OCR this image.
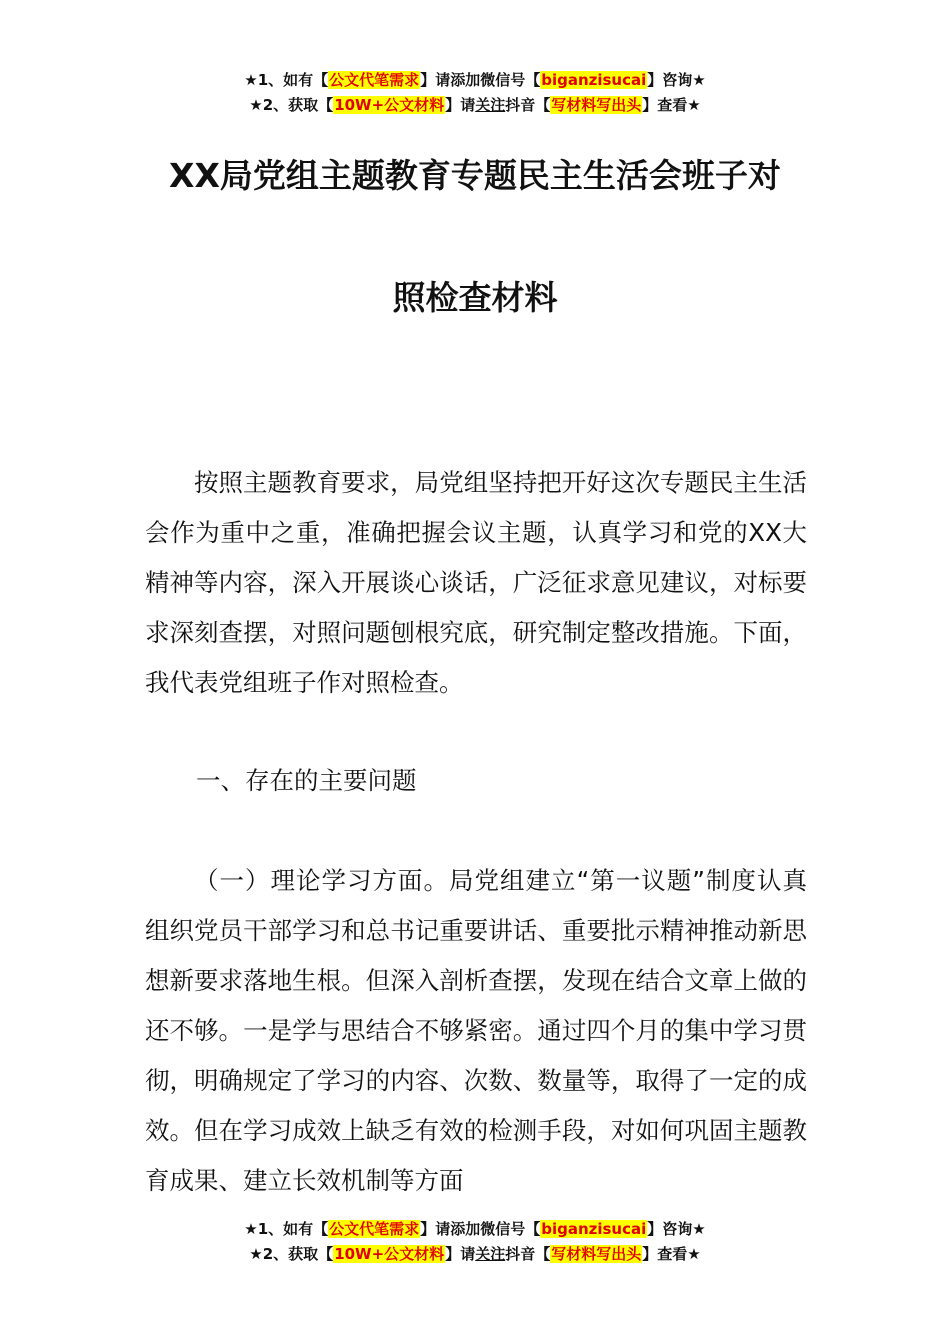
★1、如有【公文代笔需求】请添加微信号【biganzisucai】咨询★
★2、获取【10W+公文材料】请关注抖音【写材料写出头】查看★
XX局党组主题教育专题民主生活会班子对
照检查材料

按照主题教育要求，局党组坚持把开好这次专题民主生活会作为重中之重，准确把握会议主题，认真学习和党的XX大精神等内容，深入开展谈心谈话，广泛征求意见建议，对标要求深刻查摆，对照问题刨根究底，研究制定整改措施。下面，我代表党组班子作对照检查。

一、存在的主要问题

（一）理论学习方面。局党组建立“第一议题”制度认真组织党员干部学习和总书记重要讲话、重要批示精神推动新思想新要求落地生根。但深入剖析查摆，发现在结合文章上做的还不够。一是学与思结合不够紧密。通过四个月的集中学习贯彻，明确规定了学习的内容、次数、数量等，取得了一定的成效。但在学习成效上缺乏有效的检测手段，对如何巩固主题教育成果、建立长效机制等方面

★1、如有【公文代笔需求】请添加微信号【biganzisucai】咨询★
★2、获取【10W+公文材料】请关注抖音【写材料写出头】查看★
